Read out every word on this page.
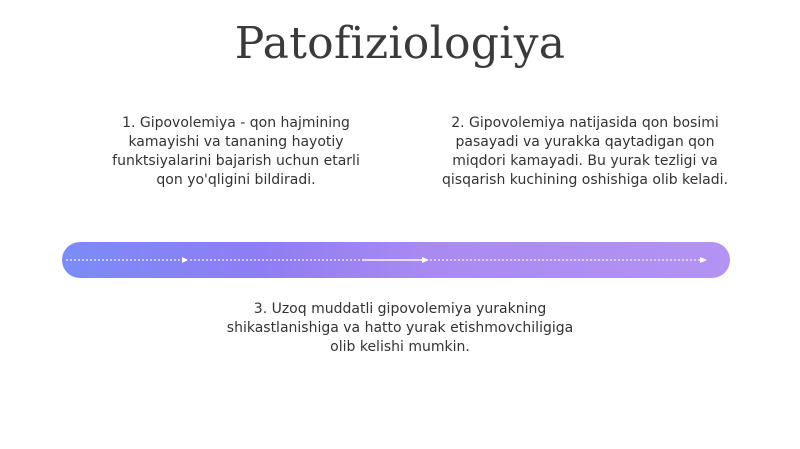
Patofiziologiya
1. Gipovolemiya - qon hajmining
kamayishi va tananing hayotiy
funktsiyalarini bajarish uchun etarli
qon yo'qligini bildiradi.
2. Gipovolemiya natijasida qon bosimi
pasayadi va yurakka qaytadigan qon
miqdori kamayadi. Bu yurak tezligi va
qisqarish kuchining oshishiga olib keladi.
3. Uzoq muddatli gipovolemiya yurakning
shikastlanishiga va hatto yurak etishmovchiligiga
olib kelishi mumkin.
